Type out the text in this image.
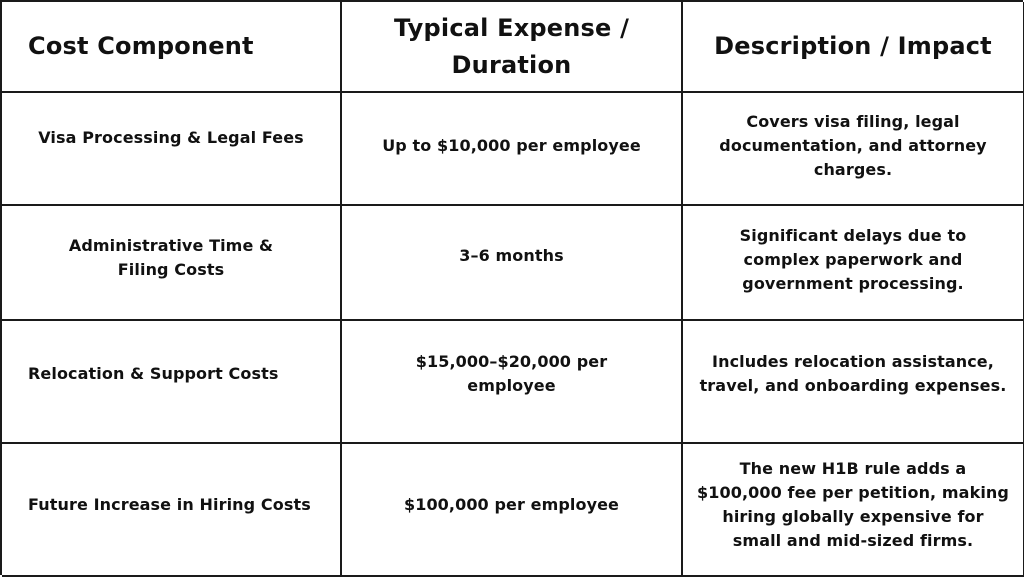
Cost Component
Typical Expense / Duration
Description / Impact
Visa Processing & Legal Fees	Up to $10,000 per employee
Covers visa filing, legal documentation, and attorney charges.
Administrative Time & Filing Costs
3–6 months
Significant delays due to complex paperwork and government processing.
Relocation & Support Costs
$15,000–$20,000 per employee
Includes relocation assistance, travel, and onboarding expenses.
Future Increase in Hiring Costs	$100,000 per employee
The new H1B rule adds a $100,000 fee per petition, making hiring globally expensive for small and mid-sized firms.
